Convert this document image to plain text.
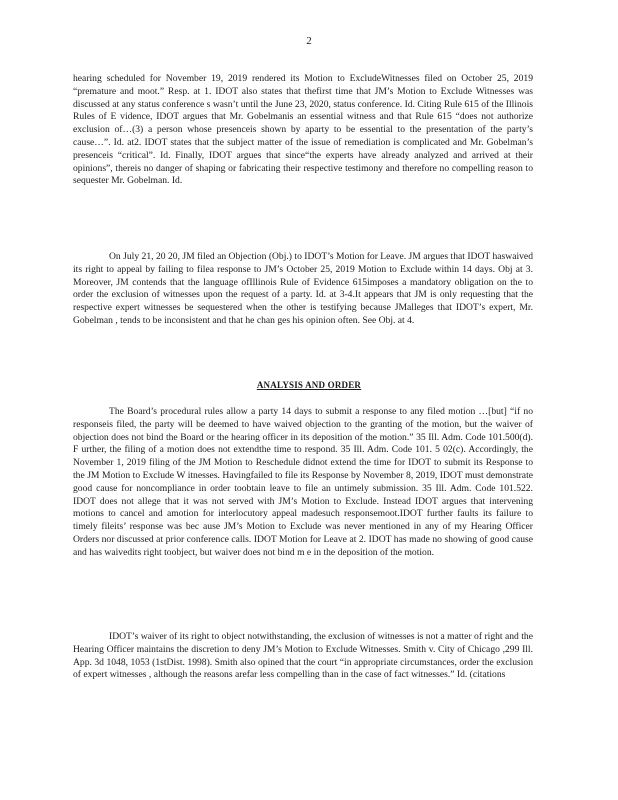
2

hearing scheduled for November 19, 2019 rendered its Motion to ExcludeWitnesses filed on October 25, 2019 “premature and moot.” Resp. at 1. IDOT also states that thefirst time that JM’s Motion to Exclude Witnesses was discussed at any status conference s wasn’t until the June 23, 2020, status conference. Id. Citing Rule 615 of the Illinois Rules of E vidence, IDOT argues that Mr. Gobelmanis an essential witness and that Rule 615 “does not authorize exclusion of…(3) a person whose presenceis shown by aparty to be essential to the presentation of the party’s cause…”. Id. at2. IDOT states that the subject matter of the issue of remediation is complicated and Mr. Gobelman’s presenceis “critical”. Id. Finally, IDOT argues that since“the experts have already analyzed and arrived at their opinions”, thereis no danger of shaping or fabricating their respective testimony and therefore no compelling reason to sequester Mr. Gobelman. Id.

On July 21, 20 20, JM filed an Objection (Obj.) to IDOT’s Motion for Leave. JM argues that IDOT haswaived its right to appeal by failing to filea response to JM’s October 25, 2019 Motion to Exclude within 14 days. Obj at 3. Moreover, JM contends that the language ofIllinois Rule of Evidence 615imposes a mandatory obligation on the to order the exclusion of witnesses upon the request of a party. Id. at 3-4.It appears that JM is only requesting that the respective expert witnesses be sequestered when the other is testifying because JMalleges that IDOT’s expert, Mr. Gobelman , tends to be inconsistent and that he chan ges his opinion often. See Obj. at 4.

ANALYSIS AND ORDER

The Board’s procedural rules allow a party 14 days to submit a response to any filed motion …[but] “if no responseis filed, the party will be deemed to have waived objection to the granting of the motion, but the waiver of objection does not bind the Board or the hearing officer in its deposition of the motion.” 35 Ill. Adm. Code 101.500(d). F urther, the filing of a motion does not extendthe time to respond. 35 Ill. Adm. Code 101. 5 02(c). Accordingly, the November 1, 2019 filing of the JM Motion to Reschedule didnot extend the time for IDOT to submit its Response to the JM Motion to Exclude W itnesses. Havingfailed to file its Response by November 8, 2019, IDOT must demonstrate good cause for noncompliance in order toobtain leave to file an untimely submission. 35 Ill. Adm. Code 101.522. IDOT does not allege that it was not served with JM’s Motion to Exclude. Instead IDOT argues that intervening motions to cancel and amotion for interlocutory appeal madesuch responsemoot.IDOT further faults its failure to timely fileits’ response was bec ause JM’s Motion to Exclude was never mentioned in any of my Hearing Officer Orders nor discussed at prior conference calls. IDOT Motion for Leave at 2. IDOT has made no showing of good cause and has waivedits right toobject, but waiver does not bind m e in the deposition of the motion.

IDOT’s waiver of its right to object notwithstanding, the exclusion of witnesses is not a matter of right and the Hearing Officer maintains the discretion to deny JM’s Motion to Exclude Witnesses. Smith v. City of Chicago ,299 Ill. App. 3d 1048, 1053 (1stDist. 1998). Smith also opined that the court “in appropriate circumstances, order the exclusion of expert witnesses , although the reasons arefar less compelling than in the case of fact witnesses.” Id. (citations
